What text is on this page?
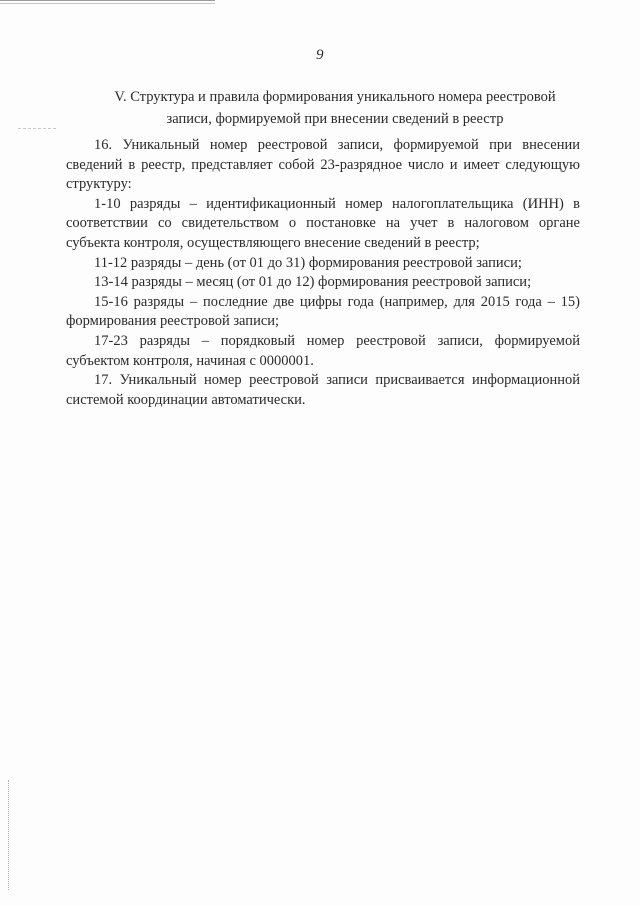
9
V. Структура и правила формирования уникального номера реестровой
записи, формируемой при внесении сведений в реестр

16. Уникальный номер реестровой записи, формируемой при внесении сведений в реестр, представляет собой 23-разрядное число и имеет следующую структуру:

1-10 разряды – идентификационный номер налогоплательщика (ИНН) в соответствии со свидетельством о постановке на учет в налоговом органе субъекта контроля, осуществляющего внесение сведений в реестр;

11-12 разряды – день (от 01 до 31) формирования реестровой записи;

13-14 разряды – месяц (от 01 до 12) формирования реестровой записи;

15-16 разряды – последние две цифры года (например, для 2015 года – 15) формирования реестровой записи;

17-23 разряды – порядковый номер реестровой записи, формируемой субъектом контроля, начиная с 0000001.

17. Уникальный номер реестровой записи присваивается информационной системой координации автоматически.
